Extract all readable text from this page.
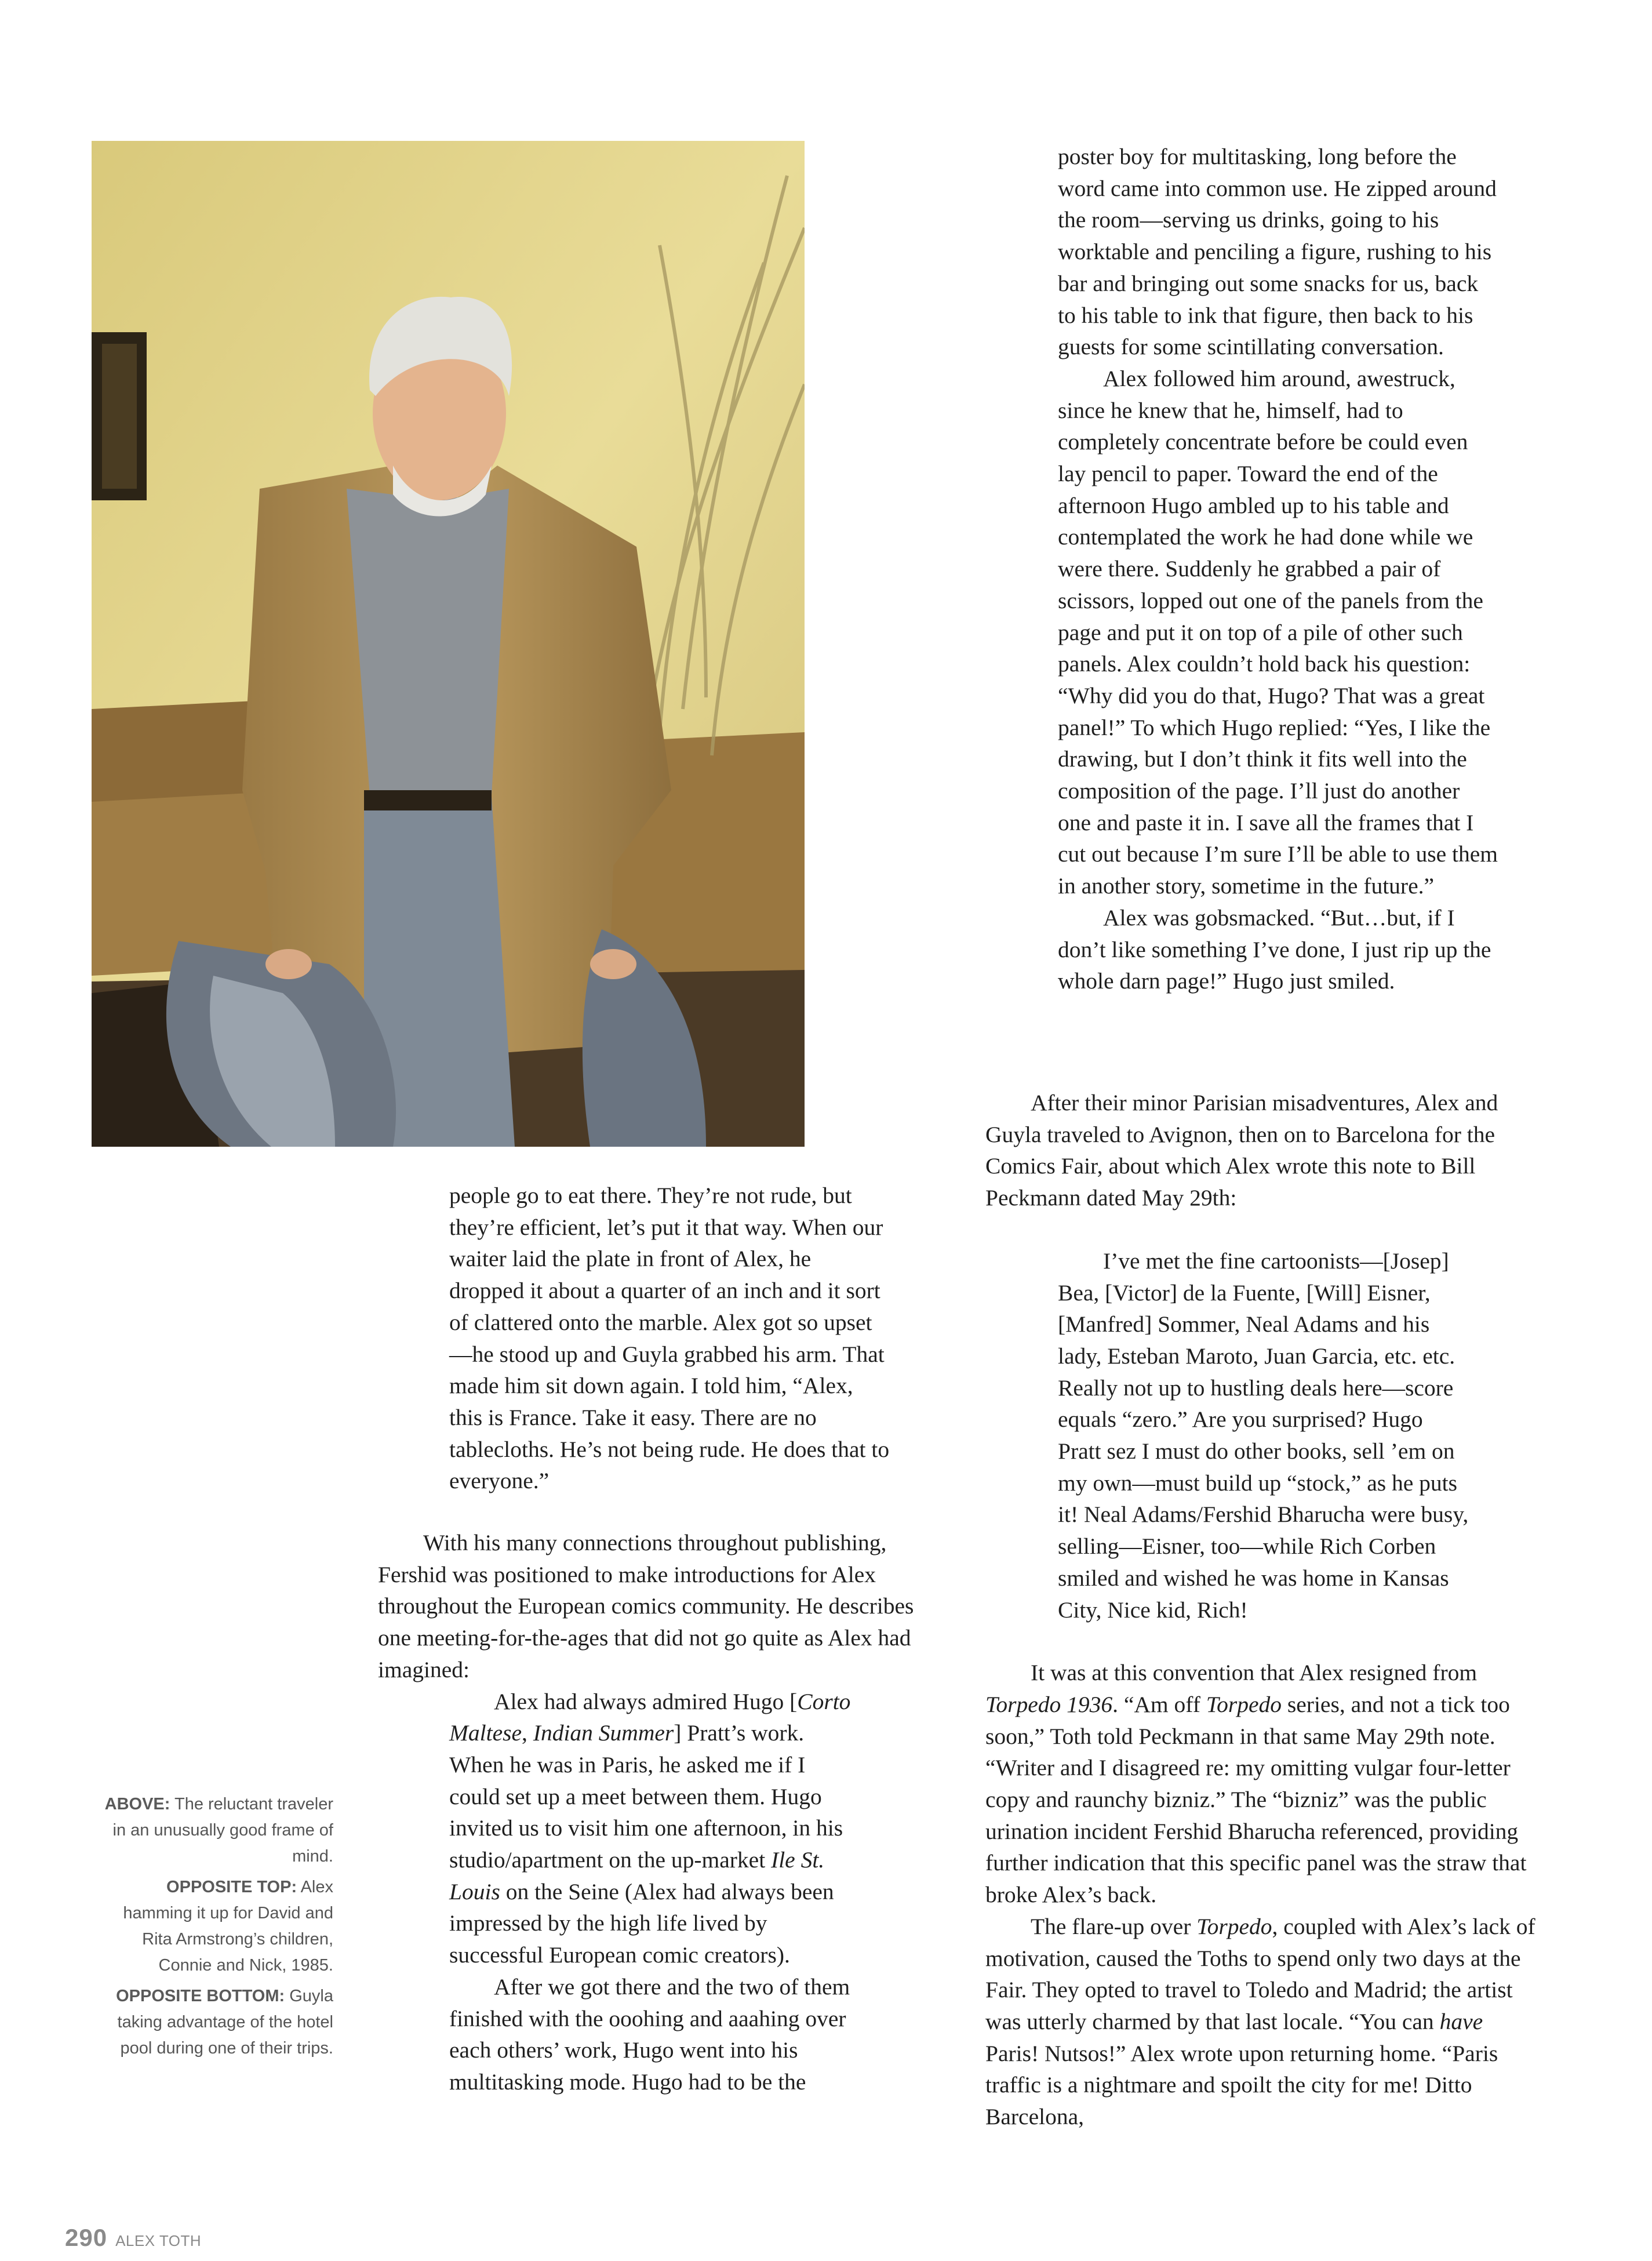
poster boy for multitasking, long before the word came into common use. He zipped around the room—serving us drinks, going to his worktable and penciling a figure, rushing to his bar and bringing out some snacks for us, back to his table to ink that figure, then back to his guests for some scintillating conversation.

Alex followed him around, awestruck, since he knew that he, himself, had to completely concentrate before be could even lay pencil to paper. Toward the end of the afternoon Hugo ambled up to his table and contemplated the work he had done while we were there. Suddenly he grabbed a pair of scissors, lopped out one of the panels from the page and put it on top of a pile of other such panels. Alex couldn’t hold back his question: “Why did you do that, Hugo? That was a great panel!” To which Hugo replied: “Yes, I like the drawing, but I don’t think it fits well into the composition of the page. I’ll just do another one and paste it in. I save all the frames that I cut out because I’m sure I’ll be able to use them in another story, sometime in the future.”

Alex was gobsmacked. “But…but, if I don’t like something I’ve done, I just rip up the whole darn page!” Hugo just smiled.

After their minor Parisian misadventures, Alex and Guyla traveled to Avignon, then on to Barcelona for the Comics Fair, about which Alex wrote this note to Bill Peckmann dated May 29th:

I’ve met the fine cartoonists—[Josep] Bea, [Victor] de la Fuente, [Will] Eisner, [Manfred] Sommer, Neal Adams and his lady, Esteban Maroto, Juan Garcia, etc. etc. Really not up to hustling deals here—score equals “zero.” Are you surprised? Hugo Pratt sez I must do other books, sell ’em on my own—must build up “stock,” as he puts it! Neal Adams/Fershid Bharucha were busy, selling—Eisner, too—while Rich Corben smiled and wished he was home in Kansas City, Nice kid, Rich!

It was at this convention that Alex resigned from Torpedo 1936. “Am off Torpedo series, and not a tick too soon,” Toth told Peckmann in that same May 29th note. “Writer and I disagreed re: my omitting vulgar four-letter copy and raunchy bizniz.” The “bizniz” was the public urination incident Fershid Bharucha referenced, providing further indication that this specific panel was the straw that broke Alex’s back.

The flare-up over Torpedo, coupled with Alex’s lack of motivation, caused the Toths to spend only two days at the Fair. They opted to travel to Toledo and Madrid; the artist was utterly charmed by that last locale. “You can have Paris! Nutsos!” Alex wrote upon returning home. “Paris traffic is a nightmare and spoilt the city for me! Ditto Barcelona,

people go to eat there. They’re not rude, but they’re efficient, let’s put it that way. When our waiter laid the plate in front of Alex, he dropped it about a quarter of an inch and it sort of clattered onto the marble. Alex got so upset—he stood up and Guyla grabbed his arm. That made him sit down again. I told him, “Alex, this is France. Take it easy. There are no tablecloths. He’s not being rude. He does that to everyone.”

With his many connections throughout publishing, Fershid was positioned to make introductions for Alex throughout the European comics community. He describes one meeting-for-the-ages that did not go quite as Alex had imagined:

Alex had always admired Hugo [Corto Maltese, Indian Summer] Pratt’s work. When he was in Paris, he asked me if I could set up a meet between them. Hugo invited us to visit him one afternoon, in his studio/apartment on the up-market Ile St. Louis on the Seine (Alex had always been impressed by the high life lived by successful European comic creators).

After we got there and the two of them finished with the ooohing and aaahing over each others’ work, Hugo went into his multitasking mode. Hugo had to be the

ABOVE: The reluctant traveler in an unusually good frame of mind.

OPPOSITE TOP: Alex hamming it up for David and Rita Armstrong’s children, Connie and Nick, 1985.

OPPOSITE BOTTOM: Guyla taking advantage of the hotel pool during one of their trips.

290 ALEX TOTH
